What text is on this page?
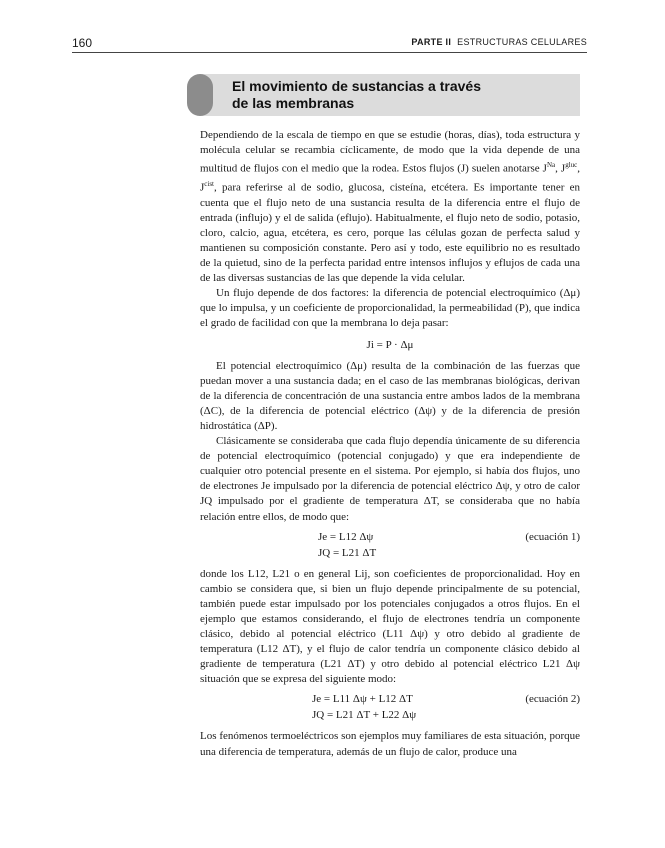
160	PARTE II ESTRUCTURAS CELULARES
El movimiento de sustancias a través
de las membranas

Dependiendo de la escala de tiempo en que se estudie (horas, días), toda estructura y molécula celular se recambia cíclicamente, de modo que la vida depende de una multitud de flujos con el medio que la rodea. Estos flujos (J) suelen anotarse $J^{Na}$, $J^{gluc}$, $J^{cist}$, para referirse al de sodio, glucosa, cisteína, etcétera. Es importante tener en cuenta que el flujo neto de una sustancia resulta de la diferencia entre el flujo de entrada (influjo) y el de salida (eflujo). Habitualmente, el flujo neto de sodio, potasio, cloro, calcio, agua, etcétera, es cero, porque las células gozan de perfecta salud y mantienen su composición constante. Pero así y todo, este equilibrio no es resultado de la quietud, sino de la perfecta paridad entre intensos influjos y eflujos de cada una de las diversas sustancias de las que depende la vida celular.

Un flujo depende de dos factores: la diferencia de potencial electroquímico (Δμ) que lo impulsa, y un coeficiente de proporcionalidad, la permeabilidad (P), que indica el grado de facilidad con que la membrana lo deja pasar:

Ji = P · Δμ

El potencial electroquímico (Δμ) resulta de la combinación de las fuerzas que puedan mover a una sustancia dada; en el caso de las membranas biológicas, derivan de la diferencia de concentración de una sustancia entre ambos lados de la membrana (ΔC), de la diferencia de potencial eléctrico (Δψ) y de la diferencia de presión hidrostática (ΔP).

Clásicamente se consideraba que cada flujo dependía únicamente de su diferencia de potencial electroquímico (potencial conjugado) y que era independiente de cualquier otro potencial presente en el sistema. Por ejemplo, si había dos flujos, uno de electrones Je impulsado por la diferencia de potencial eléctrico Δψ, y otro de calor JQ impulsado por el gradiente de temperatura ΔT, se consideraba que no había relación entre ellos, de modo que:

Je = L12 Δψ	(ecuación 1)
JQ = L21 ΔT

donde los L12, L21 o en general Lij, son coeficientes de proporcionalidad. Hoy en cambio se considera que, si bien un flujo depende principalmente de su potencial, también puede estar impulsado por los potenciales conjugados a otros flujos. En el ejemplo que estamos considerando, el flujo de electrones tendría un componente clásico, debido al potencial eléctrico (L11 Δψ) y otro debido al gradiente de temperatura (L12 ΔT), y el flujo de calor tendría un componente clásico debido al gradiente de temperatura (L21 ΔT) y otro debido al potencial eléctrico L21 Δψ situación que se expresa del siguiente modo:

Je = L11 Δψ + L12 ΔT	(ecuación 2)
JQ = L21 ΔT + L22 Δψ

Los fenómenos termoeléctricos son ejemplos muy familiares de esta situación, porque una diferencia de temperatura, además de un flujo de calor, produce una
